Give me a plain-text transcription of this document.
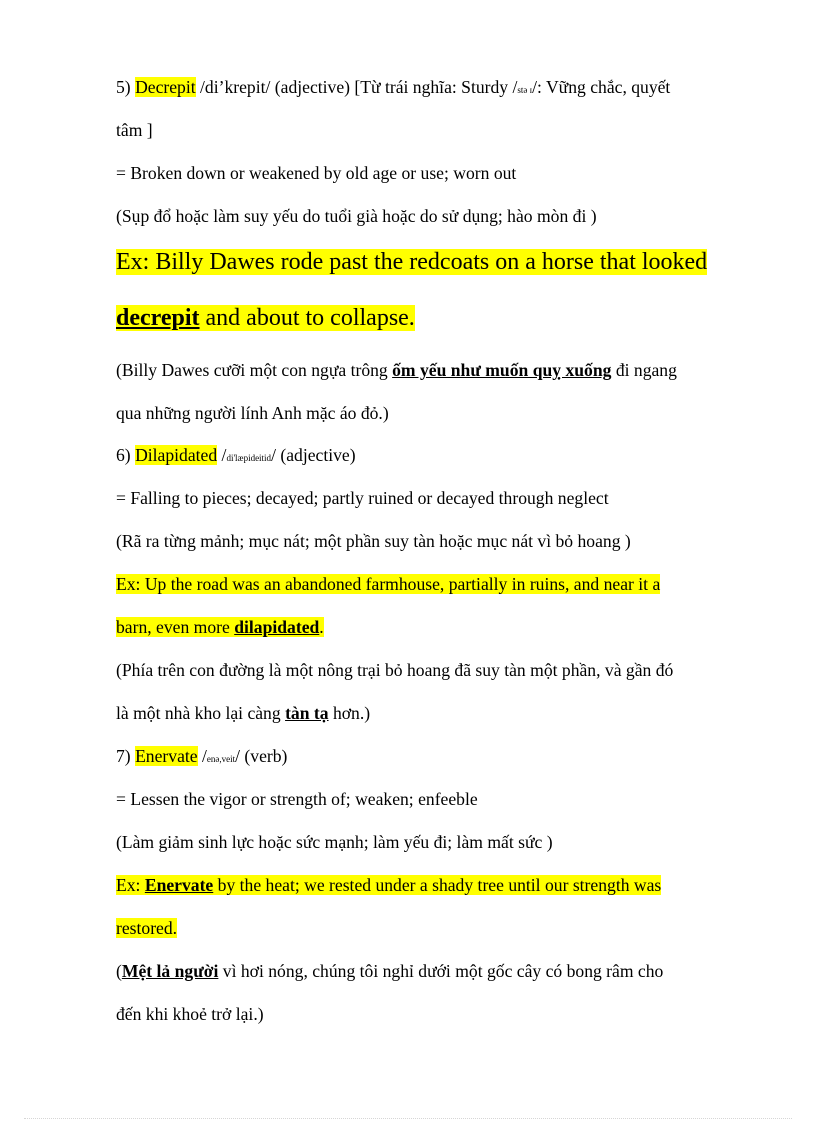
5) Decrepit /di’krepit/ (adjective) [Từ trái nghĩa: Sturdy /stə ɪ/: Vững chắc, quyết
tâm ]
= Broken down or weakened by old age or use; worn out
(Sụp đổ hoặc làm suy yếu do tuổi già hoặc do sử dụng; hào mòn đi )
Ex: Billy Dawes rode past the redcoats on a horse that looked
decrepit and about to collapse.
(Billy Dawes cưỡi một con ngựa trông ốm yếu như muốn quỵ xuống đi ngang
qua những người lính Anh mặc áo đỏ.)
6) Dilapidated /di'læpideitid/ (adjective)
= Falling to pieces; decayed; partly ruined or decayed through neglect
(Rã ra từng mảnh; mục nát; một phần suy tàn hoặc mục nát vì bỏ hoang )
Ex: Up the road was an abandoned farmhouse, partially in ruins, and near it a
barn, even more dilapidated.
(Phía trên con đường là một nông trại bỏ hoang đã suy tàn một phần, và gần đó
là một nhà kho lại càng tàn tạ hơn.)
7) Enervate /enə,veit/ (verb)
= Lessen the vigor or strength of; weaken; enfeeble
(Làm giảm sinh lực hoặc sức mạnh; làm yếu đi; làm mất sức )
Ex: Enervate by the heat; we rested under a shady tree until our strength was
restored.
(Mệt lả người vì hơi nóng, chúng tôi nghỉ dưới một gốc cây có bong râm cho
đến khi khoẻ trở lại.)
